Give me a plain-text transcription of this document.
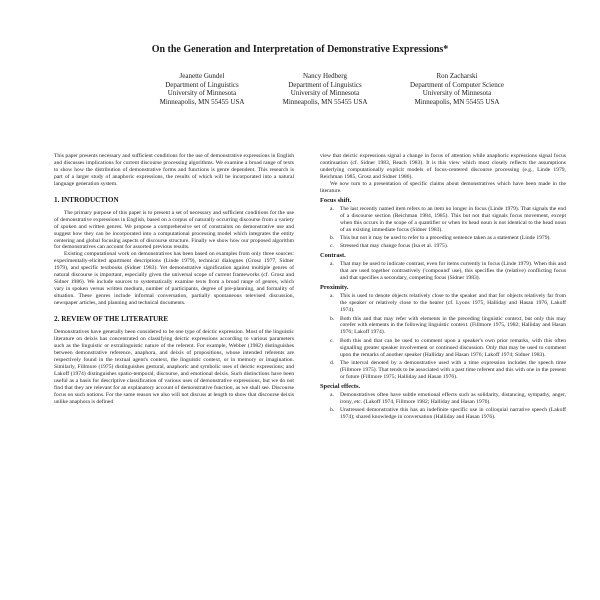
On the Generation and Interpretation of Demonstrative Expressions*
Jeanette Gundel
Department of Linguistics
University of Minnesota
Minneapolis, MN 55455 USA
Nancy Hedberg
Department of Linguistics
University of Minnesota
Minneapolis, MN 55455 USA
Ron Zacharski
Department of Computer Science
University of Minnesota
Minneapolis, MN 55455 USA

This paper presents necessary and sufficient conditions for the use of demonstrative expressions in English and discusses implications for current discourse processing algorithms. We examine a broad range of texts to show how the distribution of demonstrative forms and functions is genre dependent. This research is part of a larger study of anaphoric expressions, the results of which will be incorporated into a natural language generation system.

1. INTRODUCTION

The primary purpose of this paper is to present a set of necessary and sufficient conditions for the use of demonstrative expressions in English, based on a corpus of naturally occurring discourse from a variety of spoken and written genres. We propose a comprehensive set of constraints on demonstrative use and suggest how they can be incorporated into a computational processing model which integrates the entity centering and global focusing aspects of discourse structure. Finally we show how our proposed algorithm for demonstratives can account for assorted previous results.

Existing computational work on demonstratives has been based on examples from only three sources: experimentally-elicited apartment descriptions (Linde 1979), technical dialogues (Grosz 1977, Sidner 1979), and specific textbooks (Sidner 1983). Yet demonstrative signification against multiple genres of natural discourse is important, especially given the universal scope of current frameworks (cf. Grosz and Sidner 1986). We include sources to systematically examine texts from a broad range of genres, which vary in spoken versus written medium, number of participants, degree of pre-planning, and formality of situation. These genres include informal conversation, partially spontaneous televised discussion, newspaper articles, and planning and technical documents.

2. REVIEW OF THE LITERATURE

Demonstratives have generally been considered to be one type of deictic expression. Most of the linguistic literature on deixis has concentrated on classifying deictic expressions according to various parameters such as the linguistic or extralinguistic nature of the referent. For example, Webber (1982) distinguishes between demonstrative reference, anaphora, and deixis of propositions, whose intended referents are respectively found in the textual agent's context, the linguistic context, or in memory or imagination. Similarly, Fillmore (1975) distinguishes gestural, anaphoric and symbolic uses of deictic expressions; and Lakoff (1974) distinguishes spatio-temporal, discourse, and emotional deixis. Such distinctions have been useful as a basis for descriptive classification of various uses of demonstrative expressions, but we do not find that they are relevant for an explanatory account of demonstrative function, as we shall see. Discourse focus on such notions. For the same reason we also will not discuss at length to show that discourse deixis unlike anaphora is defined

view that deictic expressions signal a change in focus of attention while anaphoric expressions signal focus continuation (cf. Sidner 1983, Reach 1983). It is this view which most closely reflects the assumptions underlying computationally explicit models of focus-centered discourse processing (e.g., Linde 1979, Reichman 1985, Grosz and Sidner 1986).

We now turn to a presentation of specific claims about demonstratives which have been made in the literature.

Focus shift.
a.	The last recently named item refers to an item no longer in focus (Linde 1979). That signals the end of a discourse section (Reichman 1984, 1985). This but not that signals focus movement, except when this occurs in the scope of a quantifier or when its head noun is not identical to the head noun of an existing immediate focus (Sidner 1983).
b.	This but not it may be used to refer to a preceding sentence taken as a statement (Linde 1979).
c.	Stressed that may change focus (Isa et al. 1975).
Contrast.
a.	That may be used to indicate contrast, even for items currently in focus (Linde 1979). When this and that are used together contrastively ('compound' use), this specifies the (relative) conflicting focus and that specifies a secondary, competing focus (Sidner 1983).
Proximity.
a.	This is used to denote objects relatively close to the speaker and that for objects relatively far from the speaker or relatively close to the hearer (cf. Lyons 1975, Halliday and Hasan 1976, Lakoff 1974).
b.	Both this and that may refer with elements in the preceding linguistic context, but only this may corefer with elements in the following linguistic context. (Fillmore 1975, 1982; Halliday and Hasan 1976; Lakoff 1974).
c.	Both this and that can be used to comment upon a speaker's own prior remarks, with this often signalling greater speaker involvement or continued discussion. Only that may be used to comment upon the remarks of another speaker (Halliday and Hasan 1976; Lakoff 1974; Sidner 1983).
d.	The interval denoted by a demonstrative used with a time expression includes the speech time (Fillmore 1975). That tends to be associated with a past time referent and this with one in the present or future (Fillmore 1975; Halliday and Hasan 1976).
Special effects.
a.	Demonstratives often have subtle emotional effects such as solidarity, distancing, sympathy, anger, irony, etc. (Lakoff 1974, Fillmore 1982; Halliday and Hasan 1976).
b.	Unstressed demonstrative this has an indefinite specific use in colloquial narrative speech (Lakoff 1974); shared knowledge in conversation (Halliday and Hasan 1976).
